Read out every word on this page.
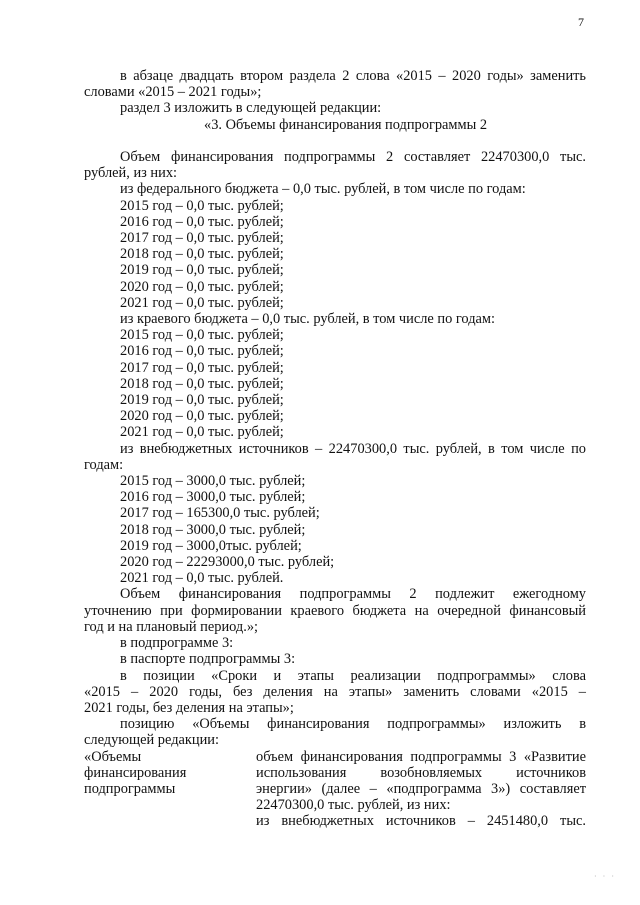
7

в абзаце двадцать втором раздела 2 слова «2015 – 2020 годы» заменить

словами «2015 – 2021 годы»;

раздел 3 изложить в следующей редакции:

«3. Объемы финансирования подпрограммы 2

Объем финансирования подпрограммы 2 составляет 22470300,0 тыс.

рублей, из них:

из федерального бюджета – 0,0 тыс. рублей, в том числе по годам:

2015 год – 0,0 тыс. рублей;

2016 год – 0,0 тыс. рублей;

2017 год – 0,0 тыс. рублей;

2018 год – 0,0 тыс. рублей;

2019 год – 0,0 тыс. рублей;

2020 год – 0,0 тыс. рублей;

2021 год – 0,0 тыс. рублей;

из краевого бюджета – 0,0 тыс. рублей, в том числе по годам:

2015 год – 0,0 тыс. рублей;

2016 год – 0,0 тыс. рублей;

2017 год – 0,0 тыс. рублей;

2018 год – 0,0 тыс. рублей;

2019 год – 0,0 тыс. рублей;

2020 год – 0,0 тыс. рублей;

2021 год – 0,0 тыс. рублей;

из внебюджетных источников – 22470300,0 тыс. рублей, в том числе по

годам:

2015 год – 3000,0 тыс. рублей;

2016 год – 3000,0 тыс. рублей;

2017 год – 165300,0 тыс. рублей;

2018 год – 3000,0 тыс. рублей;

2019 год – 3000,0тыс. рублей;

2020 год – 22293000,0 тыс. рублей;

2021 год – 0,0 тыс. рублей.

Объем финансирования подпрограммы 2 подлежит ежегодному

уточнению при формировании краевого бюджета на очередной финансовый

год и на плановый период.»;

в подпрограмме 3:

в паспорте подпрограммы 3:

в позиции «Сроки и этапы реализации подпрограммы» слова

«2015 – 2020 годы, без деления на этапы» заменить словами «2015 –

2021 годы, без деления на этапы»;

позицию «Объемы финансирования подпрограммы» изложить в

следующей редакции:

«Объемы

финансирования

подпрограммы

объем финансирования подпрограммы 3 «Развитие

использования возобновляемых источников

энергии» (далее – «подпрограмма 3») составляет

22470300,0 тыс. рублей, из них:

из внебюджетных источников – 2451480,0 тыс.

· · ·
